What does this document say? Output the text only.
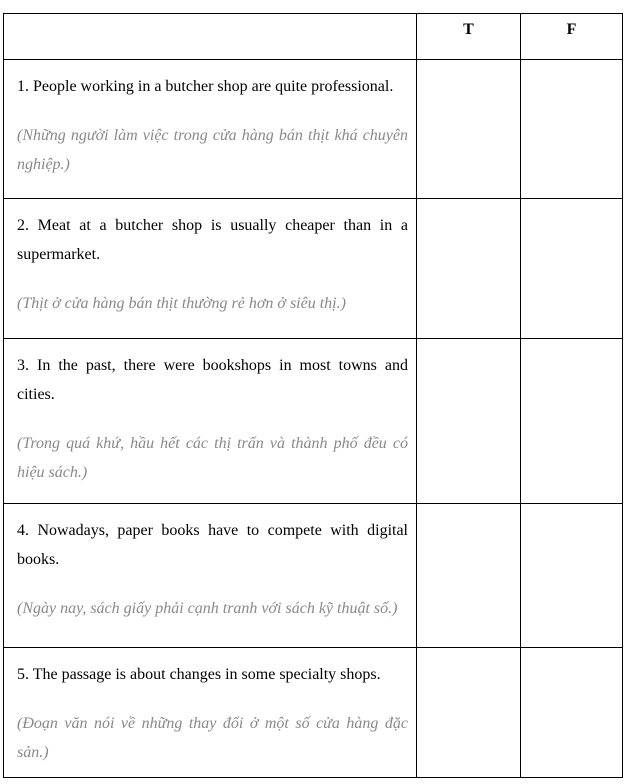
	T	F

1. People working in a butcher shop are quite professional.

(Những người làm việc trong cửa hàng bán thịt khá chuyên nghiệp.)		

2. Meat at a butcher shop is usually cheaper than in a supermarket.

(Thịt ở cửa hàng bán thịt thường rẻ hơn ở siêu thị.)		

3. In the past, there were bookshops in most towns and cities.

(Trong quá khứ, hầu hết các thị trấn và thành phố đều có hiệu sách.)		

4. Nowadays, paper books have to compete with digital books.

(Ngày nay, sách giấy phải cạnh tranh với sách kỹ thuật số.)		

5. The passage is about changes in some specialty shops.

(Đoạn văn nói về những thay đổi ở một số cửa hàng đặc sản.)		
